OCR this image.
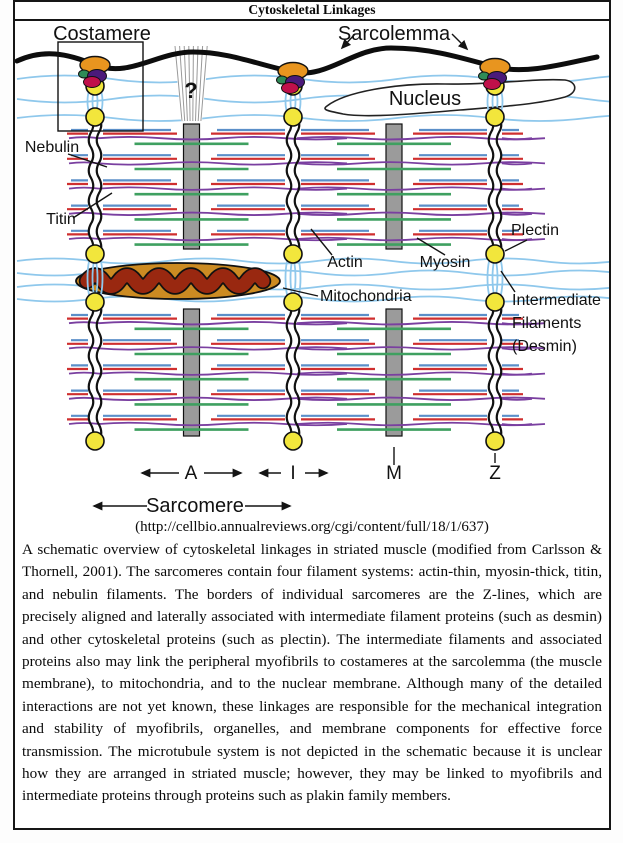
Cytoskeletal Linkages
Costamere	Sarcolemma
Nucleus
Nebulin
Titin
Actin	Myosin
Mitochondria
Plectin
Intermediate
Filaments
(Desmin)
?
A	I	M	Z
Sarcomere
(http://cellbio.annualreviews.org/cgi/content/full/18/1/637)
A schematic overview of cytoskeletal linkages in striated muscle (modified from Carlsson & Thornell, 2001). The sarcomeres contain four filament systems: actin-thin, myosin-thick, titin, and nebulin filaments. The borders of individual sarcomeres are the Z-lines, which are precisely aligned and laterally associated with intermediate filament proteins (such as desmin) and other cytoskeletal proteins (such as plectin). The intermediate filaments and associated proteins also may link the peripheral myofibrils to costameres at the sarcolemma (the muscle membrane), to mitochondria, and to the nuclear membrane. Although many of the detailed interactions are not yet known, these linkages are responsible for the mechanical integration and stability of myofibrils, organelles, and membrane components for effective force transmission. The microtubule system is not depicted in the schematic because it is unclear how they are arranged in striated muscle; however, they may be linked to myofibrils and intermediate proteins through proteins such as plakin family members.
